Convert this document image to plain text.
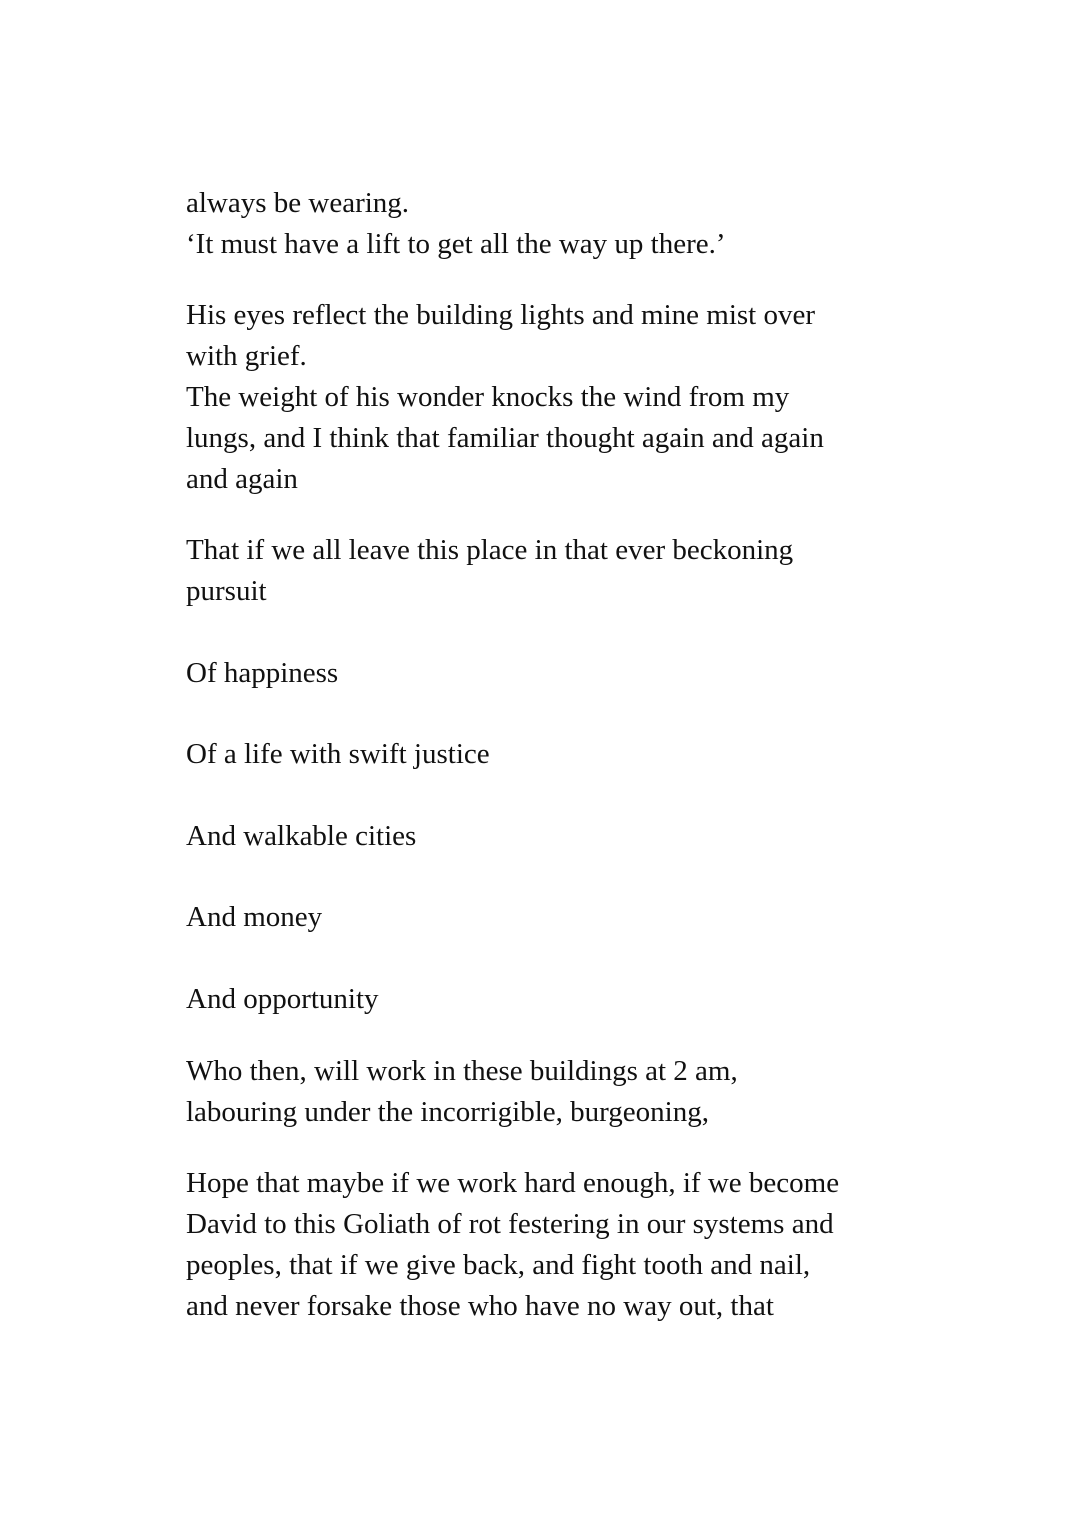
always be wearing.

‘It must have a lift to get all the way up there.’

His eyes reflect the building lights and mine mist over

with grief.

The weight of his wonder knocks the wind from my

lungs, and I think that familiar thought again and again

and again

That if we all leave this place in that ever beckoning

pursuit

Of happiness

Of a life with swift justice

And walkable cities

And money

And opportunity

Who then, will work in these buildings at 2 am,

labouring under the incorrigible, burgeoning,

Hope that maybe if we work hard enough, if we become

David to this Goliath of rot festering in our systems and

peoples, that if we give back, and fight tooth and nail,

and never forsake those who have no way out, that
